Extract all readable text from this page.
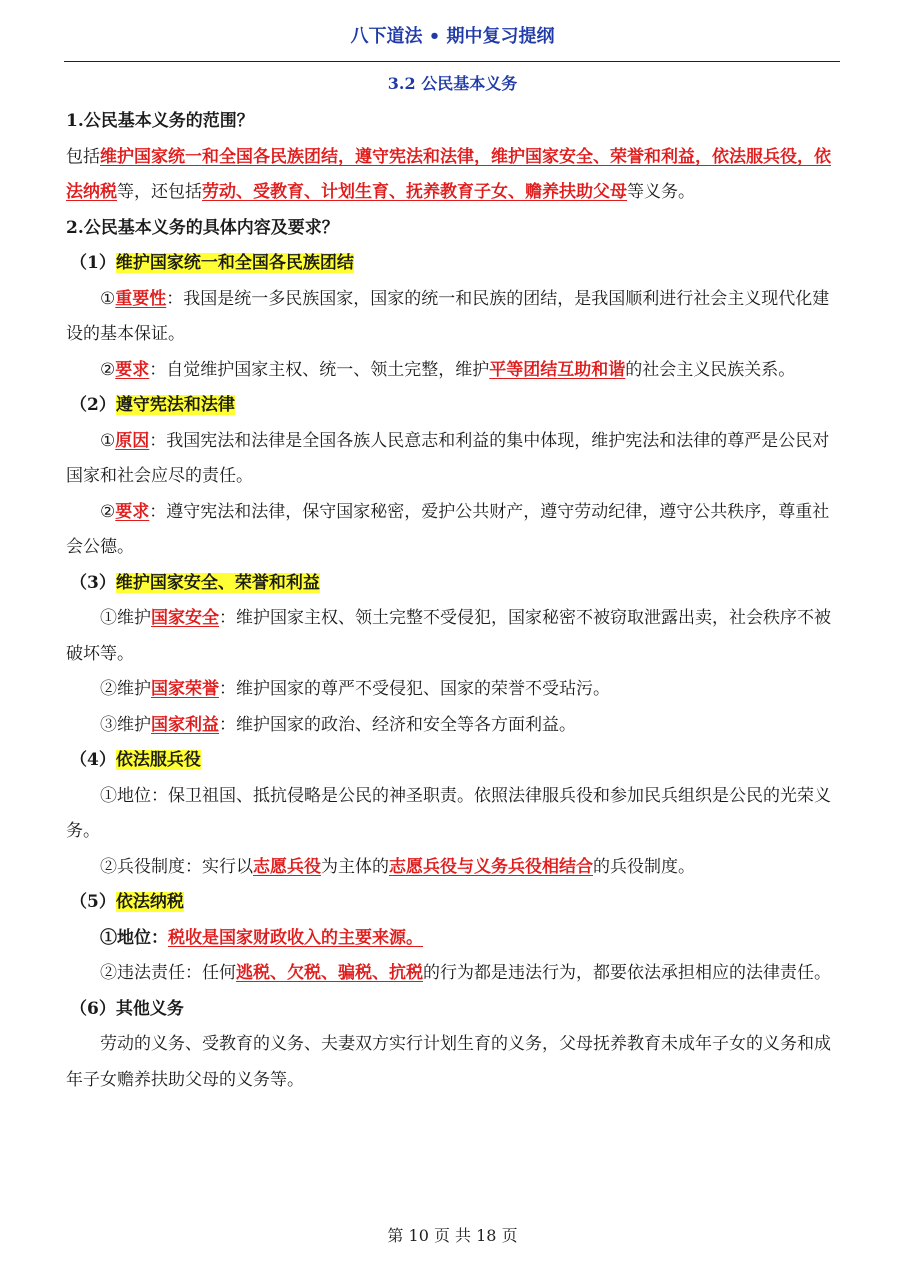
八下道法 • 期中复习提纲
3.2 公民基本义务

1.公民基本义务的范围？

包括维护国家统一和全国各民族团结，遵守宪法和法律，维护国家安全、荣誉和利益，依法服兵役，依法纳税等，还包括劳动、受教育、计划生育、抚养教育子女、赡养扶助父母等义务。

2.公民基本义务的具体内容及要求？

（1）维护国家统一和全国各民族团结

①重要性：我国是统一多民族国家，国家的统一和民族的团结，是我国顺利进行社会主义现代化建设的基本保证。

②要求：自觉维护国家主权、统一、领土完整，维护平等团结互助和谐的社会主义民族关系。

（2）遵守宪法和法律

①原因：我国宪法和法律是全国各族人民意志和利益的集中体现，维护宪法和法律的尊严是公民对国家和社会应尽的责任。

②要求：遵守宪法和法律，保守国家秘密，爱护公共财产，遵守劳动纪律，遵守公共秩序，尊重社会公德。

（3）维护国家安全、荣誉和利益

①维护国家安全：维护国家主权、领土完整不受侵犯，国家秘密不被窃取泄露出卖，社会秩序不被破坏等。

②维护国家荣誉：维护国家的尊严不受侵犯、国家的荣誉不受玷污。

③维护国家利益：维护国家的政治、经济和安全等各方面利益。

（4）依法服兵役

①地位：保卫祖国、抵抗侵略是公民的神圣职责。依照法律服兵役和参加民兵组织是公民的光荣义务。

②兵役制度：实行以志愿兵役为主体的志愿兵役与义务兵役相结合的兵役制度。

（5）依法纳税

①地位：税收是国家财政收入的主要来源。

②违法责任：任何逃税、欠税、骗税、抗税的行为都是违法行为，都要依法承担相应的法律责任。

（6）其他义务

劳动的义务、受教育的义务、夫妻双方实行计划生育的义务，父母抚养教育未成年子女的义务和成年子女赡养扶助父母的义务等。

第 10 页 共 18 页
